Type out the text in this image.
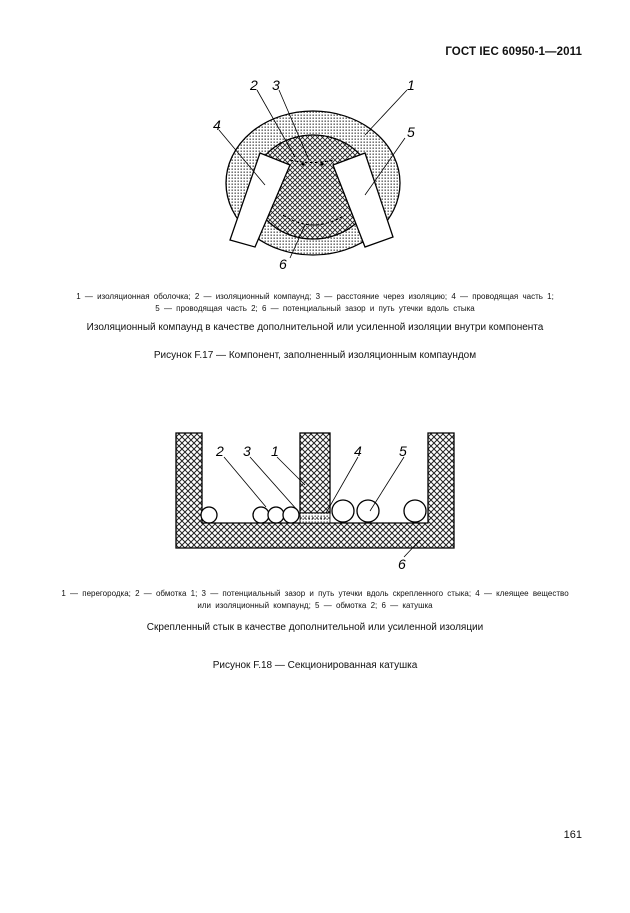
ГОСТ IEC 60950-1—2011
2 3	1
4	5
6
1 — изоляционная оболочка; 2 — изоляционный компаунд; 3 — расстояние через изоляцию; 4 — проводящая часть 1;
5 — проводящая часть 2; 6 — потенциальный зазор и путь утечки вдоль стыка
Изоляционный компаунд в качестве дополнительной или усиленной изоляции внутри компонента
Рисунок F.17 — Компонент, заполненный изоляционным компаундом
2 3 1	4	5
6
1 — перегородка; 2 — обмотка 1; 3 — потенциальный зазор и путь утечки вдоль скрепленного стыка; 4 — клеящее вещество
или изоляционный компаунд; 5 — обмотка 2; 6 — катушка
Скрепленный стык в качестве дополнительной или усиленной изоляции
Рисунок F.18 — Секционированная катушка
161
